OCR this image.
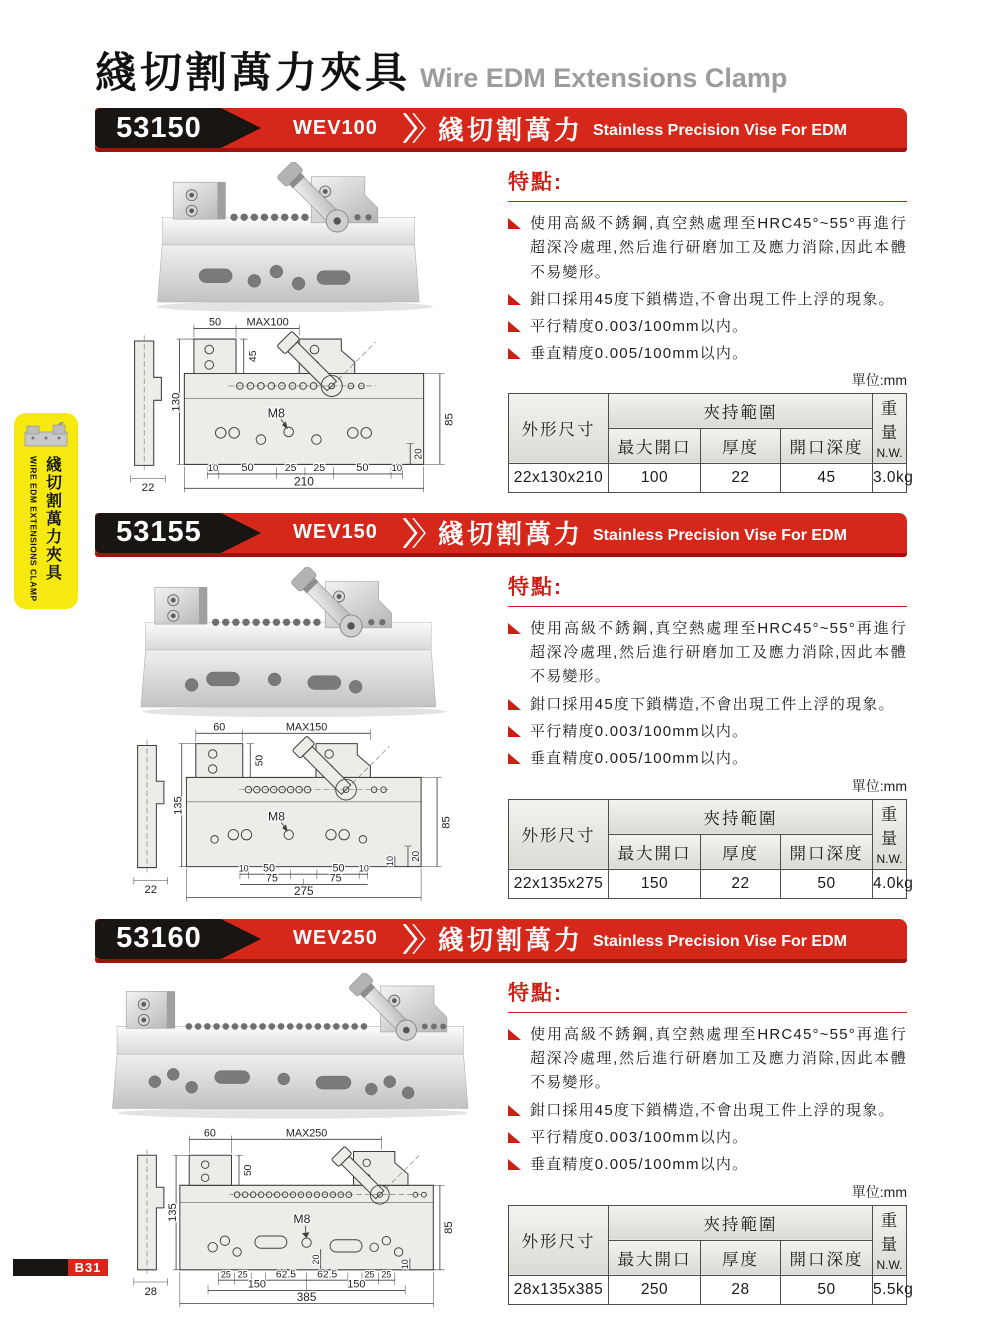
WIRE EDM EXTENSIONS CLAMP 綫切割萬力夾具
B31
綫切割萬力夾具 Wire EDM Extensions Clamp
53150	WEV100 綫切割萬力 Stainless Precision Vise For EDM
22
M8
50 MAX100
130
45
85
20
10 50	25 25	50 10
210
特點:
使用高級不銹鋼,真空熱處理至HRC45°~55°再進行超深冷處理,然后進行研磨加工及應力消除,因此本體不易變形。
鉗口採用45度下鎖構造,不會出現工件上浮的現象。
平行精度0.003/100mm以内。
垂直精度0.005/100mm以内。
單位:mm
外形尺寸	夾持範圍			重量
N.W.
	最大開口	厚度	開口深度	
22x130x210	100	22	45	3.0kg
53155	WEV150 綫切割萬力 Stainless Precision Vise For EDM
22
M8
60	MAX150
135
50
85
20
10
10 50	50 10
75	75
275
特點:
使用高級不銹鋼,真空熱處理至HRC45°~55°再進行超深冷處理,然后進行研磨加工及應力消除,因此本體不易變形。
鉗口採用45度下鎖構造,不會出現工件上浮的現象。
平行精度0.003/100mm以内。
垂直精度0.005/100mm以内。
單位:mm
外形尺寸	夾持範圍			重量
N.W.
	最大開口	厚度	開口深度	
22x135x275	150	22	50	4.0kg
53160	WEV250 綫切割萬力 Stainless Precision Vise For EDM
28
M8
60	MAX250
135
50
85
20	10
25 25	62.5 62.5	25 25
150	150
385
特點:
使用高級不銹鋼,真空熱處理至HRC45°~55°再進行超深冷處理,然后進行研磨加工及應力消除,因此本體不易變形。
鉗口採用45度下鎖構造,不會出現工件上浮的現象。
平行精度0.003/100mm以内。
垂直精度0.005/100mm以内。
單位:mm
外形尺寸	夾持範圍			重量
N.W.
	最大開口	厚度	開口深度	
28x135x385	250	28	50	5.5kg
